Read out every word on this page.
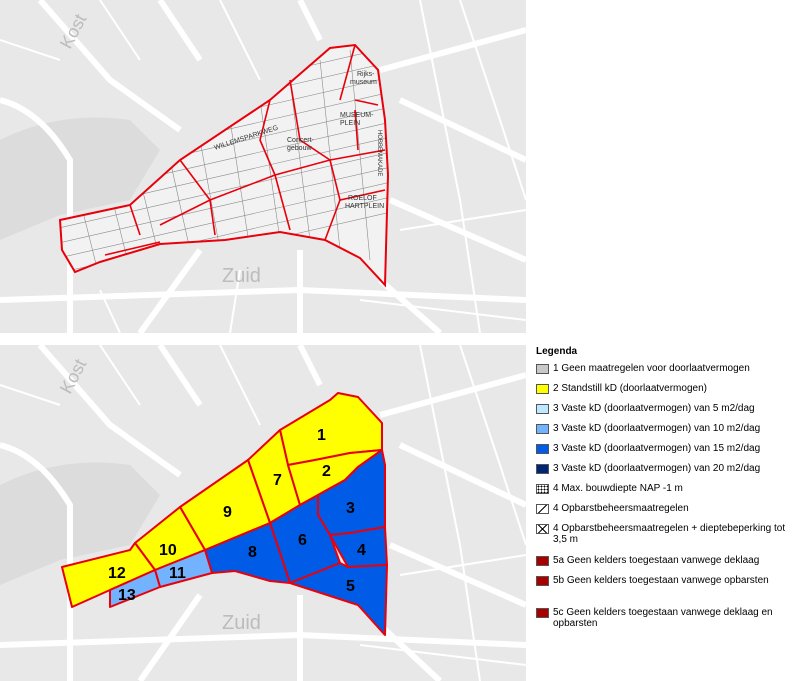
Kost
Zuid
WILLEMSPARKWEG
Rijks-museum
MUSEUM-PLEIN
Concert-gebouw	HOBBEMAKADE
ROELOF HARTPLEIN
1
2
3
4
5
6
7
8
9
10
11
12
13
Kost
Zuid
Legenda
1 Geen maatregelen voor doorlaatvermogen
2 Standstill kD (doorlaatvermogen)
3 Vaste kD (doorlaatvermogen) van 5 m2/dag
3 Vaste kD (doorlaatvermogen) van 10 m2/dag
3 Vaste kD (doorlaatvermogen) van 15 m2/dag
3 Vaste kD (doorlaatvermogen) van 20 m2/dag
4 Max. bouwdiepte NAP -1 m
4 Opbarstbeheersmaatregelen
4 Opbarstbeheersmaatregelen + dieptebeperking tot 3,5 m
5a Geen kelders toegestaan vanwege deklaag
5b Geen kelders toegestaan vanwege opbarsten
5c Geen kelders toegestaan vanwege deklaag en opbarsten
